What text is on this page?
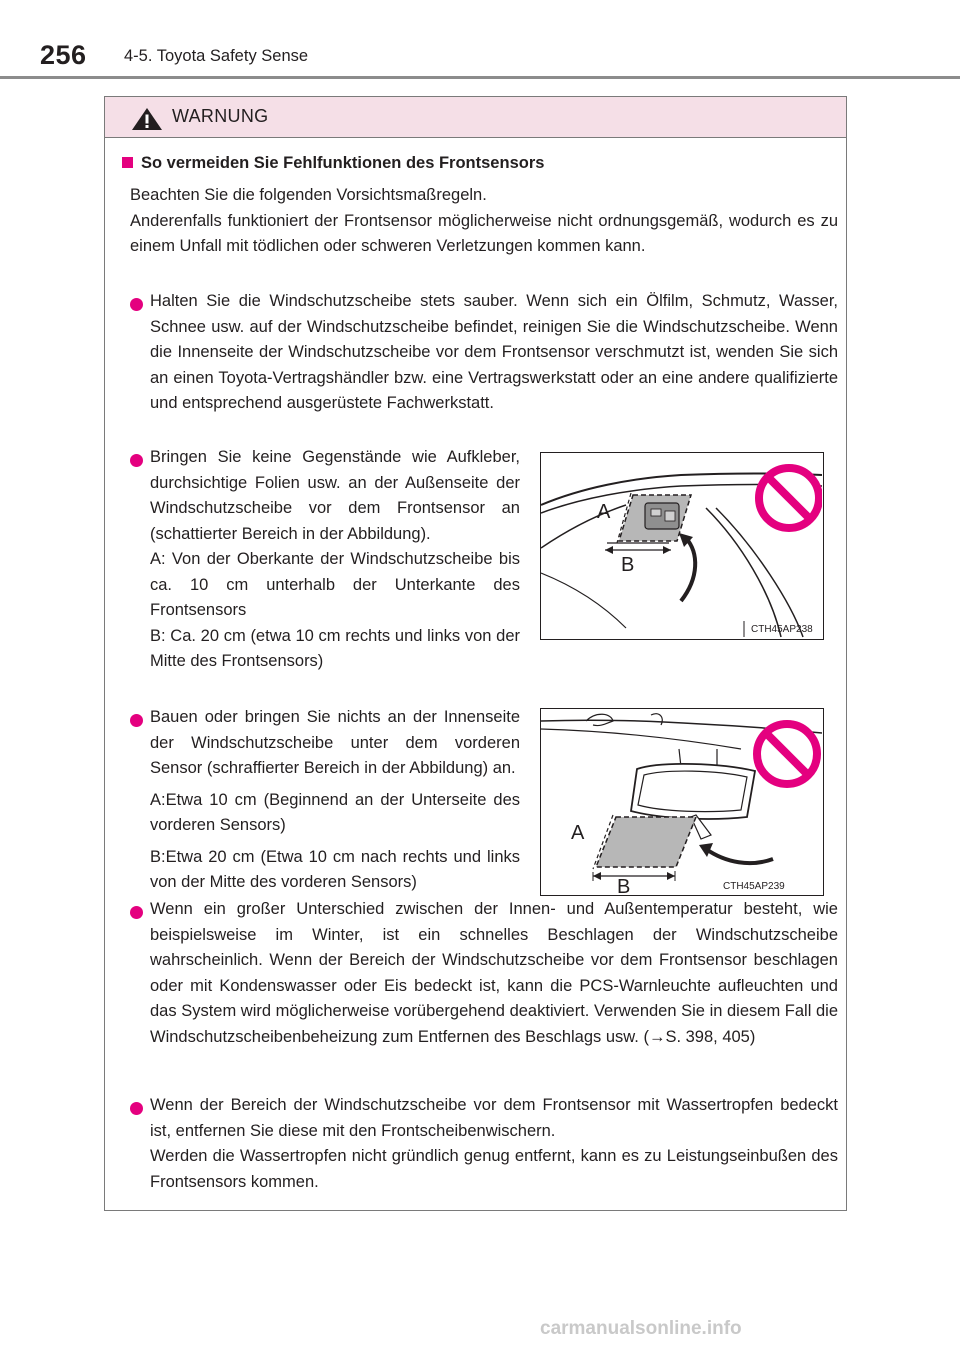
256 4-5. Toyota Safety Sense
WARNUNG
So vermeiden Sie Fehlfunktionen des Frontsensors

Beachten Sie die folgenden Vorsichtsmaßregeln.

Anderenfalls funktioniert der Frontsensor möglicherweise nicht ordnungsgemäß, wodurch es zu einem Unfall mit tödlichen oder schweren Verletzungen kommen kann.

Halten Sie die Windschutzscheibe stets sauber. Wenn sich ein Ölfilm, Schmutz, Wasser, Schnee usw. auf der Windschutzscheibe befindet, reinigen Sie die Windschutzscheibe. Wenn die Innenseite der Windschutzscheibe vor dem Frontsensor verschmutzt ist, wenden Sie sich an einen Toyota-Vertragshändler bzw. eine Vertragswerkstatt oder an eine andere qualifizierte und entsprechend ausgerüstete Fachwerkstatt.

Bringen Sie keine Gegenstände wie Aufkleber, durchsichtige Folien usw. an der Außenseite der Windschutzscheibe vor dem Frontsensor an (schattierter Bereich in der Abbildung).

A: Von der Oberkante der Windschutzscheibe bis ca. 10 cm unterhalb der Unterkante des Frontsensors

B: Ca. 20 cm (etwa 10 cm rechts und links von der Mitte des Frontsensors)

A
B
CTH45AP238

Bauen oder bringen Sie nichts an der Innenseite der Windschutzscheibe unter dem vorderen Sensor (schraffierter Bereich in der Abbildung) an.

A:Etwa 10 cm (Beginnend an der Unterseite des vorderen Sensors)

B:Etwa 20 cm (Etwa 10 cm nach rechts und links von der Mitte des vorderen Sensors)

A
B	CTH45AP239

Wenn ein großer Unterschied zwischen der Innen- und Außentemperatur besteht, wie beispielsweise im Winter, ist ein schnelles Beschlagen der Windschutzscheibe wahrscheinlich. Wenn der Bereich der Windschutzscheibe vor dem Frontsensor beschlagen oder mit Kondenswasser oder Eis bedeckt ist, kann die PCS-Warnleuchte aufleuchten und das System wird möglicherweise vorübergehend deaktiviert. Verwenden Sie in diesem Fall die Windschutzscheibenbeheizung zum Entfernen des Beschlags usw. (→S. 398, 405)

Wenn der Bereich der Windschutzscheibe vor dem Frontsensor mit Wassertropfen bedeckt ist, entfernen Sie diese mit den Frontscheibenwischern.

Werden die Wassertropfen nicht gründlich genug entfernt, kann es zu Leistungseinbußen des Frontsensors kommen.

carmanualsonline.info
